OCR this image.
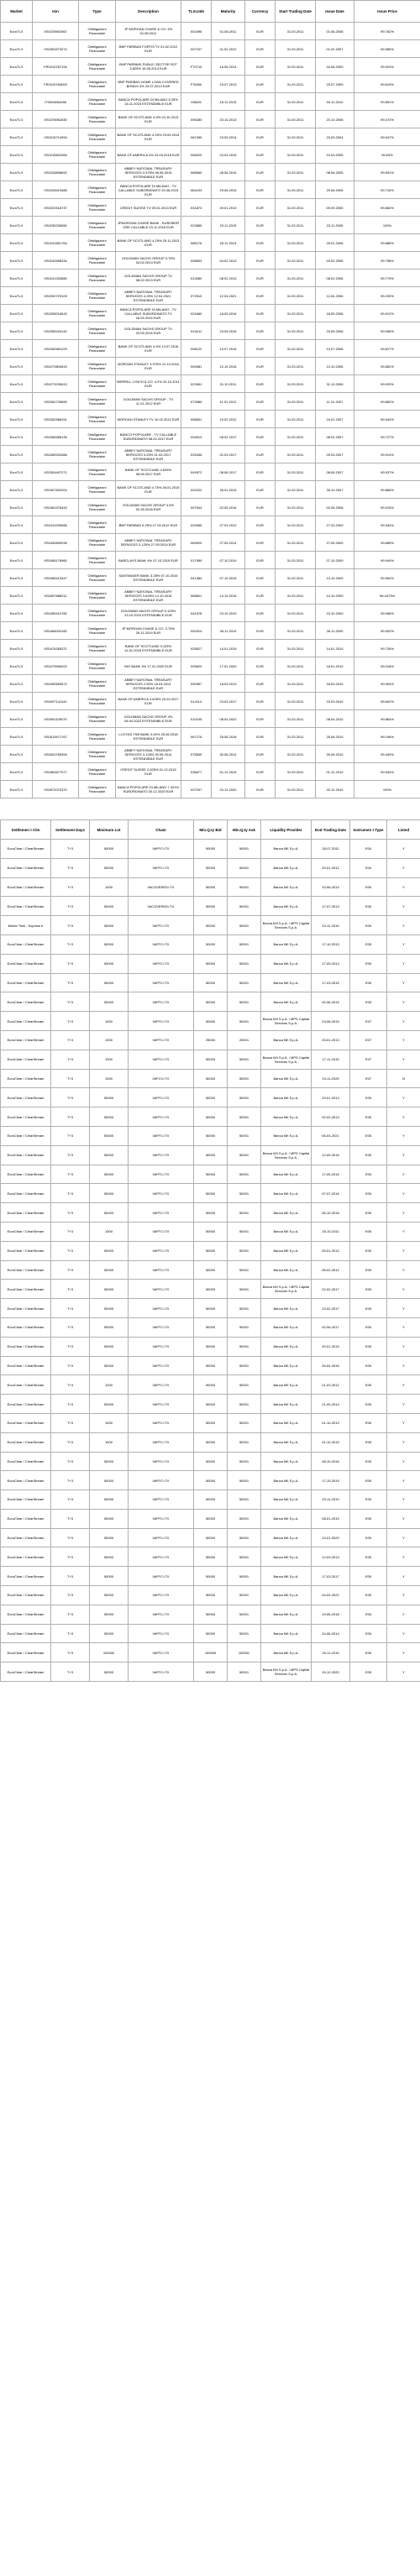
Market	Isin	Type	Description	TLXcode	Maturity	Currency	Start Trading Date	Issue Date	Issue Price
EuroTLX	XS0378902967	Obbligazioni Finanziarie	JP MORGAN CHASE & CO. 6% 01.08.2011	X01596	01.08.2011	EUR	31.03.2011	01.08.2008	99.762%
EuroTLX	XS0391573274	Obbligazioni Finanziarie	BNP PARIBAS FORTIS TV 01.02.2012 EUR	X07107	01.02.2012	EUR	31.03.2011	01.02.2007	99.989%
EuroTLX	FR0010787194	Obbligazioni Finanziarie	BNP PARIBAS PUBLIC SECTOR SCF 3.625% 16.06.2014 EUR	F70710	16.06.2014	EUR	31.03.2011	16.06.2009	99.924%
EuroTLX	FR0010784009	Obbligazioni Finanziarie	BNP PARIBAS HOME LOAN COVERED BONDS 3% 23.07.2013 EUR	F78400	23.07.2013	EUR	31.03.2011	23.07.2009	99.619%
EuroTLX	IT0004654266	Obbligazioni Finanziarie	BANCA POPOLARE DI MILANO 5.25% 16.11.2015 ESTENDIBILE EUR	I05426	16.11.2015	EUR	31.03.2011	04.11.2010	99.851%
EuroTLX	XS0378952830	Obbligazioni Finanziarie	BANK OF SCOTLAND 4.5% 23.10.2013 EUR	X95283	23.10.2013	EUR	31.03.2011	23.10.2008	99.472%
EuroTLX	XS0216714994	Obbligazioni Finanziarie	BANK OF SCOTLAND 4.25% 23.09.2014 EUR	X67499	23.09.2014	EUR	31.03.2011	23.09.2004	99.547%
EuroTLX	XS0215822069	Obbligazioni Finanziarie	BANK OF AMERICA 4% 23.03.2015 EUR	X58220	23.03.2015	EUR	31.03.2011	23.03.2005	99.63%
EuroTLX	XS0226896692	Obbligazioni Finanziarie	ABBEY NATIONAL TREASURY SERVICES 3.375% 08.06.2015 ESTENDIBILE EUR	X68969	08.06.2015	EUR	31.03.2011	08.06.2005	99.591%
EuroTLX	XS0228419085	Obbligazioni Finanziarie	BANCA POPOLARE DI MILANO - TV CALLABLE SUBORDINATO 29.06.2015 EUR	X84193	29.06.2015	EUR	31.03.2011	29.06.2005	99.716%
EuroTLX	XS0220318737	Obbligazioni Finanziarie	CREDIT SUISSE TV 09.01.2013 EUR	X31873	09.01.2013	EUR	31.03.2011	09.09.2005	99.864%
EuroTLX	XS0235236550	Obbligazioni Finanziarie	JPMORGAN CHASE BANK - EUROBOR ORE CALLABLE 23.11.2015 EUR	X23655	23.11.2015	EUR	31.03.2011	23.11.2005	100%
EuroTLX	XS0241851764	Obbligazioni Finanziarie	BANK OF SCOTLAND 4.25% 25.11.2013 EUR	X85176	25.11.2013	EUR	31.03.2011	25.01.2006	99.886%
EuroTLX	XS0242998334	Obbligazioni Finanziarie	GOLDMAN SACHS GROUP 3.75% 04.02.2013 EUR	X98833	04.02.2013	EUR	31.03.2011	03.02.2006	99.758%
EuroTLX	XS0241332880	Obbligazioni Finanziarie	GOLDMAN SACHS GROUP TV 08.02.2013 EUR	X13280	08.02.2013	EUR	31.03.2011	08.02.2006	99.779%
EuroTLX	XS0250729109	Obbligazioni Finanziarie	ABBEY NATIONAL TREASURY SERVICES 4.25% 12.04.2021 ESTENDIBILE EUR	X72910	12.04.2021	EUR	31.03.2011	12.04.2006	99.239%
EuroTLX	XS0255016615	Obbligazioni Finanziarie	BANCA POPOLARE DI MILANO - TV CALLABLE SUBORDINATO TV 18.05.2016 EUR	X01660	18.05.2016	EUR	31.03.2011	18.05.2006	99.912%
EuroTLX	XS0255244142	Obbligazioni Finanziarie	GOLDMAN SACHS GROUP TV 23.05.2016 EUR	X24411	23.05.2016	EUR	31.03.2011	23.05.2006	99.056%
EuroTLX	XS0260981229	Obbligazioni Finanziarie	BANK OF SCOTLAND 4.5% 13.07.2016 EUR	X98122	13.07.2016	EUR	31.03.2011	13.07.2006	99.817%
EuroTLX	XS0270800815	Obbligazioni Finanziarie	MORGAN STANLEY 4.375% 12.10.2016 EUR	X00081	12.10.2016	EUR	31.03.2011	12.10.2006	99.852%
EuroTLX	XS0273230613	Obbligazioni Finanziarie	MERRILL LYNCH & CO. 4.2% 31.10.2011 EUR	X23061	31.10.2011	EUR	31.03.2011	31.10.2006	99.929%
EuroTLX	XS0281739890	Obbligazioni Finanziarie	GOLDMAN SACHS GROUP - TV 11.01.2012 EUR	X73989	11.01.2012	EUR	31.03.2011	11.01.2007	99.862%
EuroTLX	XS0282588151	Obbligazioni Finanziarie	MORGAN STANLEY TV 10.02.2012 EUR	X58831	10.02.2012	EUR	31.03.2011	16.01.2007	99.944%
EuroTLX	XS0284585135	Obbligazioni Finanziarie	BANCO POPOLARE - TV CALLABLE SUBORDINATO 08.02.2017 EUR	X94513	08.02.2017	EUR	31.03.2011	08.02.2007	99.727%
EuroTLX	XS0289334366	Obbligazioni Finanziarie	ABBEY NATIONAL TREASURY SERVICES 4.25% 01.03.2017 ESTENDIBILE EUR	X33436	01.03.2017	EUR	31.03.2011	09.03.2007	99.914%
EuroTLX	XS0304497271	Obbligazioni Finanziarie	BANK OF SCOTLAND 4.625% 08.06.2017 EUR	X49972	08.06.2017	EUR	31.03.2011	08.06.2007	99.537%
EuroTLX	XS0307502204	Obbligazioni Finanziarie	BANK OF SCOTLAND 4.75% 26.01.2015 EUR	X02222	26.01.2015	EUR	31.03.2011	26.10.2007	99.866%
EuroTLX	XS0361975443	Obbligazioni Finanziarie	GOLDMAN SACHS GROUP 4.5% 02.05.2016 EUR	X97544	02.05.2016	EUR	31.03.2011	02.05.2008	99.315%
EuroTLX	XS0419290656	Obbligazioni Finanziarie	BNP PARIBAS 5.25% 27.03.2012 EUR	X29065	27.03.2012	EUR	31.03.2011	27.03.2009	99.944%
EuroTLX	XS0430699296	Obbligazioni Finanziarie	ABBEY NATIONAL TREASURY SERVICES 3.125% 27.05.2014 EUR	X69929	27.05.2014	EUR	31.03.2011	27.05.2009	99.689%
EuroTLX	XS0456176960	Obbligazioni Finanziarie	BARCLAYS BANK 4% 07.10.2019 EUR	X17959	07.10.2019	EUR	31.03.2011	07.10.2009	99.949%
EuroTLX	XS0456413447	Obbligazioni Finanziarie	SANTANDER BANK 3.25% 07.10.2015 ESTENDIBILE EUR	X41384	07.10.2015	EUR	31.03.2011	14.10.2009	99.954%
EuroTLX	XS0457688211	Obbligazioni Finanziarie	ABBEY NATIONAL TREASURY SERVICES 3.625% 14.10.2016 ESTENDIBILE EUR	X68821	14.10.2016	EUR	31.03.2011	14.10.2009	98.4473%
EuroTLX	XS0459410782	Obbligazioni Finanziarie	GOLDMAN SACHS GROUP 5.125% 23.10.2019 ESTENDIBILE EUR	X41078	23.10.2019	EUR	31.03.2011	23.10.2009	99.068%
EuroTLX	XS0466003182	Obbligazioni Finanziarie	JP MORGAN CHASE & CO. 3.75% 26.11.2019 EUR	X00314	26.11.2019	EUR	31.03.2011	26.11.2009	99.902%
EuroTLX	XS0476265371	Obbligazioni Finanziarie	BANK OF SCOTLAND 3.125% 14.01.2015 ESTENDIBILE EUR	X26527	14.01.2015	EUR	31.03.2011	14.01.2010	99.728%
EuroTLX	XS0479906202	Obbligazioni Finanziarie	ING BANK 3% 17.01.2020 EUR	X99620	17.01.2020	EUR	31.03.2011	18.01.2010	99.418%
EuroTLX	XS0490659572	Obbligazioni Finanziarie	ABBEY NATIONAL TREASURY SERVICES 2.50% 18.03.2013 ESTENDIBILE EUR	X90957	18.03.2013	EUR	31.03.2011	18.03.2010	99.904%
EuroTLX	XS0497141142	Obbligazioni Finanziarie	BANK OF AMERICA 4.625% 23.03.2017 EUR	X14114	23.03.2017	EUR	31.03.2011	23.03.2010	99.602%
EuroTLX	XS0500105070	Obbligazioni Finanziarie	GOLDMAN SACHS GROUP 4% 08.04.2022 ESTENDIBILE EUR	X10105	08.04.2022	EUR	31.03.2011	08.04.2010	99.864%
EuroTLX	XS0519471767	Obbligazioni Finanziarie	LLOYDS TSB BANK 3.00% 25.06.2018 ESTENDIBILE EUR	X67176	25.06.2018	EUR	31.03.2011	25.06.2010	99.196%
EuroTLX	XS0520785394	Obbligazioni Finanziarie	ABBEY NATIONAL TREASURY SERVICES 3.125% 30.06.2014 ESTENDIBILE EUR	X78539	30.06.2014	EUR	31.03.2011	30.06.2010	99.449%
EuroTLX	XS0563677077	Obbligazioni Finanziarie	CREDIT SUISSE 2.625% 01.12.2015 EUR	X36677	01.12.2015	EUR	31.03.2011	01.12.2010	99.944%
EuroTLX	XS0572070370	Obbligazioni Finanziarie	BANCA POPOLARE DI MILANO 7.321% SUBORDINATO 20.12.2020 EUR	X07037	20.12.2020	EUR	31.03.2011	20.12.2010	100%
Settlemen t Clm	Settlement Days	Minimum Lot	Chain	Min.Q.ty Bid	Min.Q.ty Ask	Liquidity Provider	End Trading Date	Instrumen t Type	Listed
EuroClear / ClearStream	T+3	50000	0#FFC=TX	50000	50001	Banca IMI S.p.A.	28-07-2011	E04	Y
EuroClear / ClearStream	T+3	50000	0#FFC=TX	50000	50001	Banca IMI S.p.A.	29-01-2012	E04	Y
EuroClear / ClearStream	T+3	1000	0#COVERED=TX	50000	50001	Banca IMI S.p.A.	10-06-2014	E05	Y
EuroClear / ClearStream	T+3	50000	0#COVERED=TX	50000	50001	Banca IMI S.p.A.	17-07-2013	E05	Y
Monte Titoli - Express II	T+3	50000	0#FFC=TX	50000	50001	Banca IMI S.p.A. / MPS Capital Services S.p.A.	10-11-2015	E05	Y
EuroClear / ClearStream	T+3	50000	0#FFC=TX	50000	50001	Banca IMI S.p.A.	17-10-2013	E05	Y
EuroClear / ClearStream	T+3	50000	0#FFC=TX	50000	50001	Banca IMI S.p.A.	17-09-2014	E05	Y
EuroClear / ClearStream	T+3	50000	0#FFC=TX	50000	50001	Banca IMI S.p.A.	17-03-2015	E05	Y
EuroClear / ClearStream	T+3	50000	0#FFC=TX	50000	50001	Banca IMI S.p.A.	02-06-2015	E05	Y
EuroClear / ClearStream	T+3	1000	0#FFC=TX	50000	50001	Banca IMI S.p.A. / MPS Capital Services S.p.A.	23-06-2015	E07	Y
EuroClear / ClearStream	T+3	1000	0#FFC=TX	25000	25001	Banca IMI S.p.A.	03-01-2013	E07	Y
EuroClear / ClearStream	T+3	1000	0#FFC=TX	50000	50001	Banca IMI S.p.A. / MPS Capital Services S.p.A.	17-11-2015	E07	Y
EuroClear / ClearStream	T+3	1000	0#FCV=TX	50000	50001	Banca IMI S.p.A.	19-11-2025	E07	N
EuroClear / ClearStream	T+3	50000	0#FFC=TX	50000	50001	Banca IMI S.p.A.	29-01-2013	E05	Y
EuroClear / ClearStream	T+3	50000	0#FFC=TX	50000	50001	Banca IMI S.p.A.	02-02-2013	E05	Y
EuroClear / ClearStream	T+3	50000	0#FFC=TX	50000	50001	Banca IMI S.p.A.	06-04-2021	E05	Y
EuroClear / ClearStream	T+3	50000	0#FFC=TX	50000	50001	Banca IMI S.p.A. / MPS Capital Services S.p.A.	12-05-2016	E05	Y
EuroClear / ClearStream	T+3	50000	0#FFC=TX	50000	50001	Banca IMI S.p.A.	17-05-2016	E05	Y
EuroClear / ClearStream	T+3	50000	0#FFC=TX	50000	50001	Banca IMI S.p.A.	07-07-2016	E05	Y
EuroClear / ClearStream	T+3	50000	0#FFC=TX	50000	50001	Banca IMI S.p.A.	06-10-2016	E05	Y
EuroClear / ClearStream	T+3	1000	0#FFC=TX	50000	50001	Banca IMI S.p.A.	25-10-2011	E05	Y
EuroClear / ClearStream	T+3	50000	0#FFC=TX	50000	50001	Banca IMI S.p.A.	05-01-2012	E05	Y
EuroClear / ClearStream	T+3	50000	0#FFC=TX	50000	50001	Banca IMI S.p.A.	06-02-2012	E05	Y
EuroClear / ClearStream	T+3	50000	0#FFC=TX	50000	50001	Banca IMI S.p.A. / MPS Capital Services S.p.A.	02-02-2017	E05	Y
EuroClear / ClearStream	T+3	50000	0#FFC=TX	50000	50001	Banca IMI S.p.A.	23-02-2017	E05	Y
EuroClear / ClearStream	T+3	50000	0#FFC=TX	50000	50001	Banca IMI S.p.A.	02-06-2017	E05	Y
EuroClear / ClearStream	T+3	50000	0#FFC=TX	50000	50001	Banca IMI S.p.A.	20-01-2015	E05	Y
EuroClear / ClearStream	T+3	50000	0#FFC=TX	50000	50001	Banca IMI S.p.A.	26-04-2016	E05	Y
EuroClear / ClearStream	T+3	1000	0#FFC=TX	50000	50001	Banca IMI S.p.A.	21-03-2012	E05	Y
EuroClear / ClearStream	T+3	50000	0#FFC=TX	50000	50001	Banca IMI S.p.A.	21-05-2014	E05	Y
EuroClear / ClearStream	T+3	1000	0#FFC=TX	50000	50001	Banca IMI S.p.A.	01-10-2019	E05	Y
EuroClear / ClearStream	T+3	1000	0#FFC=TX	50000	50001	Banca IMI S.p.A.	01-10-2015	E05	Y
EuroClear / ClearStream	T+3	50000	0#FFC=TX	50000	50001	Banca IMI S.p.A.	08-10-2016	E05	Y
EuroClear / ClearStream	T+3	50000	0#FFC=TX	50000	50001	Banca IMI S.p.A.	17-10-2019	E05	Y
EuroClear / ClearStream	T+3	50000	0#FFC=TX	50000	50001	Banca IMI S.p.A.	20-11-2019	E05	Y
EuroClear / ClearStream	T+3	50000	0#FFC=TX	50000	50001	Banca IMI S.p.A.	08-01-2015	E05	Y
EuroClear / ClearStream	T+3	50000	0#FFC=TX	50000	50001	Banca IMI S.p.A.	13-01-2020	E05	Y
EuroClear / ClearStream	T+3	50000	0#FFC=TX	50000	50001	Banca IMI S.p.A.	12-03-2013	E05	Y
EuroClear / ClearStream	T+3	50000	0#FFC=TX	50000	50001	Banca IMI S.p.A.	17-03-2017	E05	Y
EuroClear / ClearStream	T+3	50000	0#FFC=TX	50000	50001	Banca IMI S.p.A.	04-04-2022	E05	Y
EuroClear / ClearStream	T+3	50000	0#FFC=TX	50000	50001	Banca IMI S.p.A.	19-06-2018	E05	Y
EuroClear / ClearStream	T+3	50000	0#FFC=TX	50000	50001	Banca IMI S.p.A.	24-06-2014	E05	Y
EuroClear / ClearStream	T+3	100000	0#FFC=TX	100000	100001	Banca IMI S.p.A.	25-11-2015	E05	Y
EuroClear / ClearStream	T+3	50000	0#FFC=TX	50000	50001	Banca IMI S.p.A. / MPS Capital Services S.p.A.	15-12-2020	E05	Y
